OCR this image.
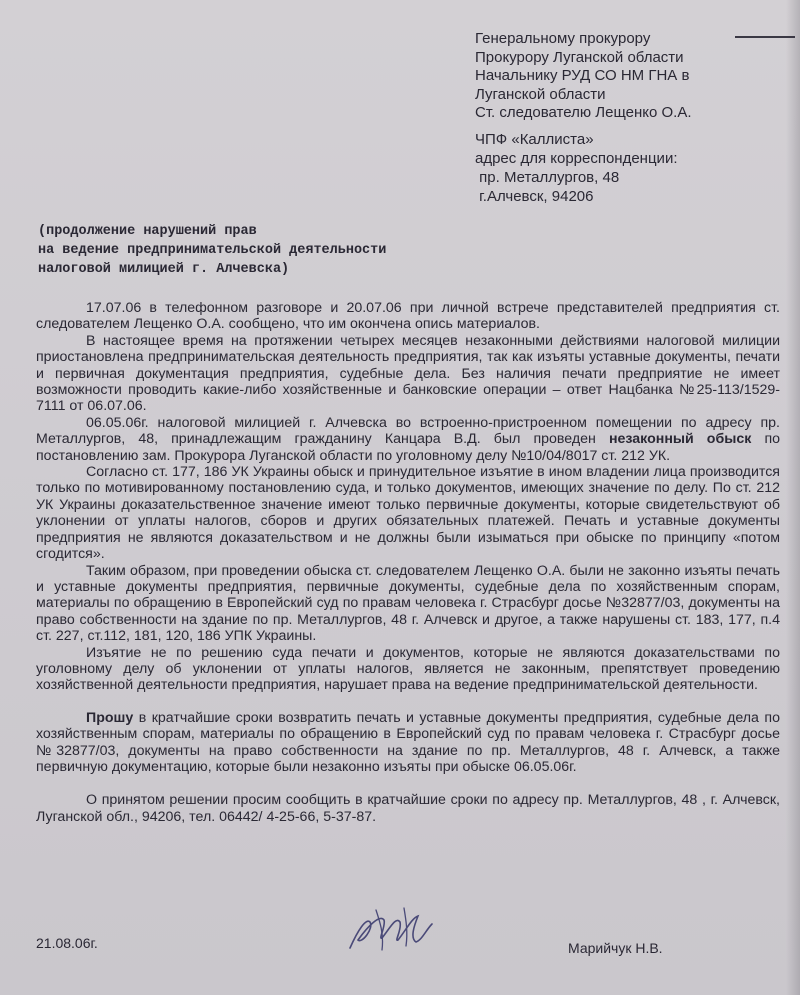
Генеральному прокурору
Прокурору Луганской области
Начальнику РУД СО НМ ГНА в
Луганской области
Ст. следователю Лещенко О.А.
ЧПФ «Каллиста»
адрес для корреспонденции:
пр. Металлургов, 48
г.Алчевск, 94206
(продолжение нарушений прав
на ведение предпринимательской деятельности
налоговой милицией г. Алчевска)

17.07.06 в телефонном разговоре и 20.07.06 при личной встрече представителей предприятия ст. следователем Лещенко О.А. сообщено, что им окончена опись материалов.

В настоящее время на протяжении четырех месяцев незаконными действиями налоговой милиции приостановлена предпринимательская деятельность предприятия, так как изъяты уставные документы, печати и первичная документация предприятия, судебные дела. Без наличия печати предприятие не имеет возможности проводить какие-либо хозяйственные и банковские операции – ответ Нацбанка №25-113/1529-7111 от 06.07.06.

06.05.06г. налоговой милицией г. Алчевска во встроенно-пристроенном помещении по адресу пр. Металлургов, 48, принадлежащим гражданину Канцара В.Д. был проведен незаконный обыск по постановлению зам. Прокурора Луганской области по уголовному делу №10/04/8017 ст. 212 УК.

Согласно ст. 177, 186 УК Украины обыск и принудительное изъятие в ином владении лица производится только по мотивированному постановлению суда, и только документов, имеющих значение по делу. По ст. 212 УК Украины доказательственное значение имеют только первичные документы, которые свидетельствуют об уклонении от уплаты налогов, сборов и других обязательных платежей. Печать и уставные документы предприятия не являются доказательством и не должны были изыматься при обыске по принципу «потом сгодится».

Таким образом, при проведении обыска ст. следователем Лещенко О.А. были не законно изъяты печать и уставные документы предприятия, первичные документы, судебные дела по хозяйственным спорам, материалы по обращению в Европейский суд по правам человека г. Страсбург досье №32877/03, документы на право собственности на здание по пр. Металлургов, 48 г. Алчевск и другое, а также нарушены ст. 183, 177, п.4 ст. 227, ст.112, 181, 120, 186 УПК Украины.

Изъятие не по решению суда печати и документов, которые не являются доказательствами по уголовному делу об уклонении от уплаты налогов, является не законным, препятствует проведению хозяйственной деятельности предприятия, нарушает права на ведение предпринимательской деятельности.

Прошу в кратчайшие сроки возвратить печать и уставные документы предприятия, судебные дела по хозяйственным спорам, материалы по обращению в Европейский суд по правам человека г. Страсбург досье №32877/03, документы на право собственности на здание по пр. Металлургов, 48 г. Алчевск, а также первичную документацию, которые были незаконно изъяты при обыске 06.05.06г.

О принятом решении просим сообщить в кратчайшие сроки по адресу пр. Металлургов, 48 , г. Алчевск, Луганской обл., 94206, тел. 06442/ 4-25-66, 5-37-87.

21.08.06г.	Марийчук Н.В.
